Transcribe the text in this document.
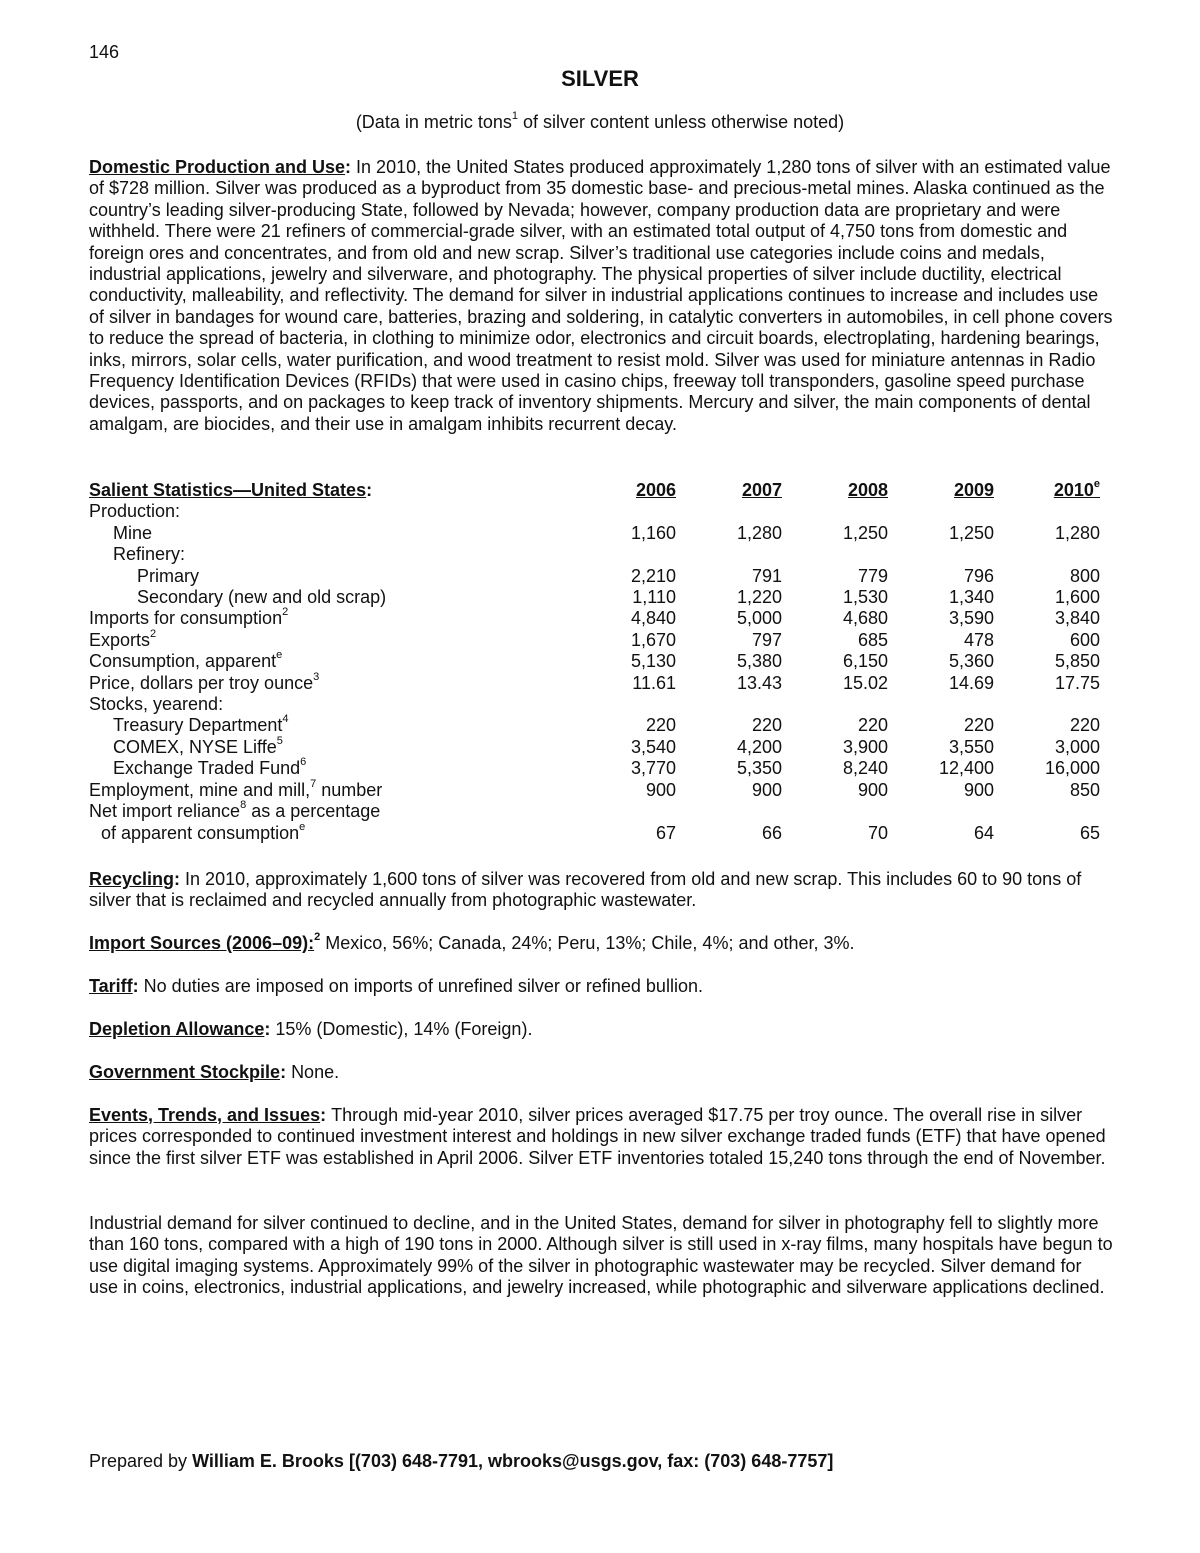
146
SILVER
(Data in metric tons$^1$ of silver content unless otherwise noted)
Domestic Production and Use: In 2010, the United States produced approximately 1,280 tons of silver with an estimated value of $728 million. Silver was produced as a byproduct from 35 domestic base- and precious-metal mines. Alaska continued as the country’s leading silver-producing State, followed by Nevada; however, company production data are proprietary and were withheld. There were 21 refiners of commercial-grade silver, with an estimated total output of 4,750 tons from domestic and foreign ores and concentrates, and from old and new scrap. Silver’s traditional use categories include coins and medals, industrial applications, jewelry and silverware, and photography. The physical properties of silver include ductility, electrical conductivity, malleability, and reflectivity. The demand for silver in industrial applications continues to increase and includes use of silver in bandages for wound care, batteries, brazing and soldering, in catalytic converters in automobiles, in cell phone covers to reduce the spread of bacteria, in clothing to minimize odor, electronics and circuit boards, electroplating, hardening bearings, inks, mirrors, solar cells, water purification, and wood treatment to resist mold. Silver was used for miniature antennas in Radio Frequency Identification Devices (RFIDs) that were used in casino chips, freeway toll transponders, gasoline speed purchase devices, passports, and on packages to keep track of inventory shipments. Mercury and silver, the main components of dental amalgam, are biocides, and their use in amalgam inhibits recurrent decay.
Salient Statistics—United States:	2006	2007	2008	2009	2010e
Production:					
Mine	1,160	1,280	1,250	1,250	1,280
Refinery:					
Primary	2,210	791	779	796	800
Secondary (new and old scrap)	1,110	1,220	1,530	1,340	1,600
Imports for consumption$^2$	4,840	5,000	4,680	3,590	3,840
Exports$^2$	1,670	797	685	478	600
Consumption, apparent$^e$	5,130	5,380	6,150	5,360	5,850
Price, dollars per troy ounce$^3$	11.61	13.43	15.02	14.69	17.75
Stocks, yearend:					
Treasury Department$^4$	220	220	220	220	220
COMEX, NYSE Liffe$^5$	3,540	4,200	3,900	3,550	3,000
Exchange Traded Fund$^6$	3,770	5,350	8,240	12,400	16,000
Employment, mine and mill,$^7$ number	900	900	900	900	850
Net import reliance$^8$ as a percentage					
of apparent consumption$^e$	67	66	70	64	65
Recycling: In 2010, approximately 1,600 tons of silver was recovered from old and new scrap. This includes 60 to 90 tons of silver that is reclaimed and recycled annually from photographic wastewater.
Import Sources (2006–09):$^2$ Mexico, 56%; Canada, 24%; Peru, 13%; Chile, 4%; and other, 3%.
Tariff: No duties are imposed on imports of unrefined silver or refined bullion.
Depletion Allowance: 15% (Domestic), 14% (Foreign).
Government Stockpile: None.
Events, Trends, and Issues: Through mid-year 2010, silver prices averaged $17.75 per troy ounce. The overall rise in silver prices corresponded to continued investment interest and holdings in new silver exchange traded funds (ETF) that have opened since the first silver ETF was established in April 2006. Silver ETF inventories totaled 15,240 tons through the end of November.
Industrial demand for silver continued to decline, and in the United States, demand for silver in photography fell to slightly more than 160 tons, compared with a high of 190 tons in 2000. Although silver is still used in x-ray films, many hospitals have begun to use digital imaging systems. Approximately 99% of the silver in photographic wastewater may be recycled. Silver demand for use in coins, electronics, industrial applications, and jewelry increased, while photographic and silverware applications declined.
Prepared by William E. Brooks [(703) 648-7791, wbrooks@usgs.gov, fax: (703) 648-7757]
